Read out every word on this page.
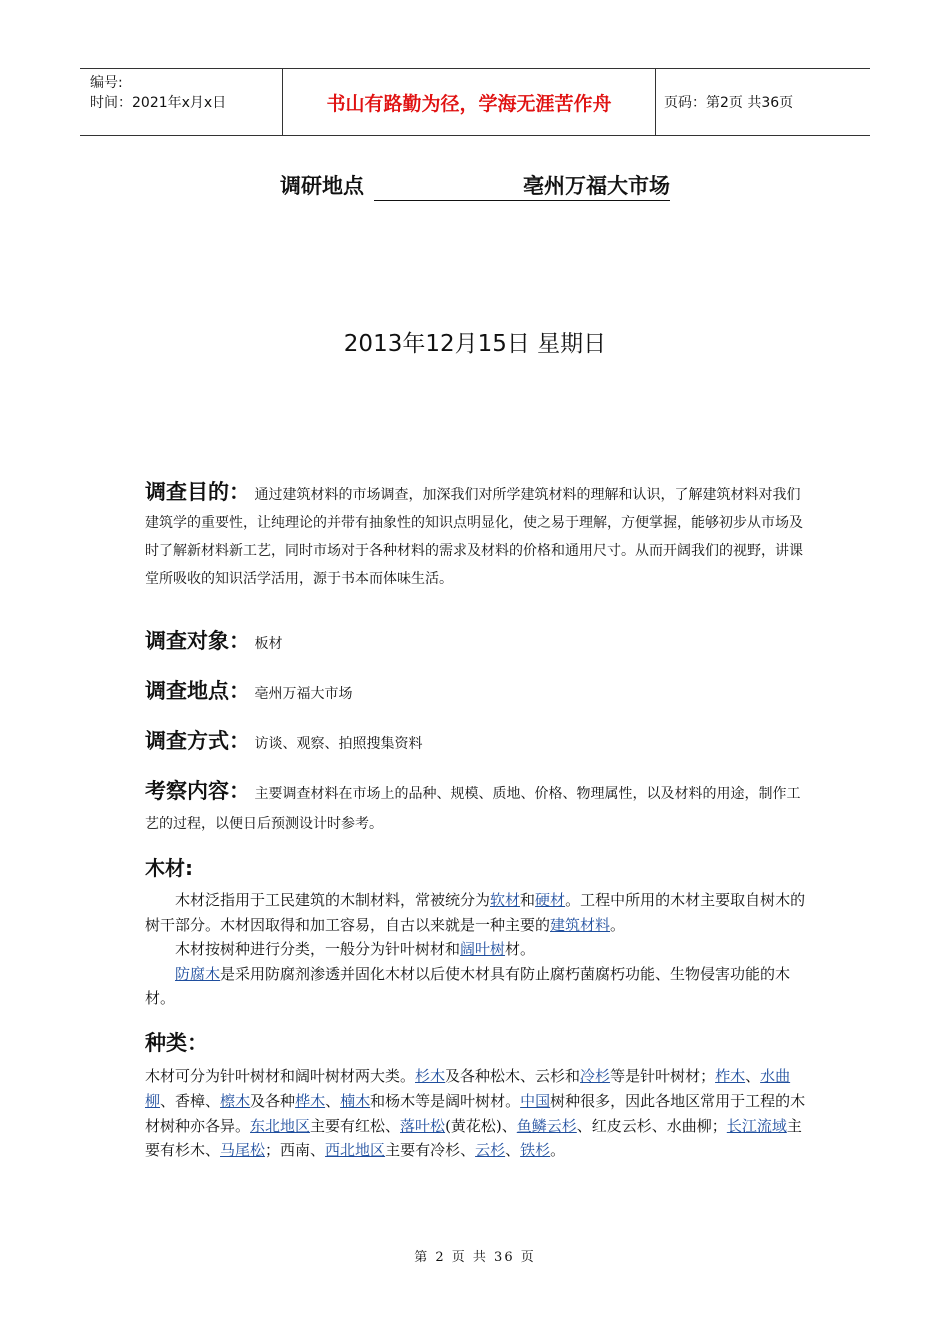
编号:
时间：2021年x月x日	书山有路勤为径，学海无涯苦作舟	页码：第2页 共36页
调研地点	亳州万福大市场
2013年12月15日 星期日
调查目的： 通过建筑材料的市场调查，加深我们对所学建筑材料的理解和认识，了解建筑材料对我们建筑学的重要性，让纯理论的并带有抽象性的知识点明显化，使之易于理解，方便掌握，能够初步从市场及时了解新材料新工艺，同时市场对于各种材料的需求及材料的价格和通用尺寸。从而开阔我们的视野，讲课堂所吸收的知识活学活用，源于书本而体味生活。
调查对象： 板材
调查地点： 亳州万福大市场
调查方式： 访谈、观察、拍照搜集资料
考察内容： 主要调查材料在市场上的品种、规模、质地、价格、物理属性，以及材料的用途，制作工艺的过程，以便日后预测设计时参考。
木材:

木材泛指用于工民建筑的木制材料，常被统分为软材和硬材。工程中所用的木材主要取自树木的树干部分。木材因取得和加工容易，自古以来就是一种主要的建筑材料。

木材按树种进行分类，一般分为针叶树材和阔叶树材。

防腐木是采用防腐剂渗透并固化木材以后使木材具有防止腐朽菌腐朽功能、生物侵害功能的木材。

种类：
木材可分为针叶树材和阔叶树材两大类。杉木及各种松木、云杉和冷杉等是针叶树材；柞木、水曲柳、香樟、檫木及各种桦木、楠木和杨木等是阔叶树材。中国树种很多，因此各地区常用于工程的木材树种亦各异。东北地区主要有红松、落叶松(黄花松)、鱼鳞云杉、红皮云杉、水曲柳；长江流域主要有杉木、马尾松；西南、西北地区主要有冷杉、云杉、铁杉。
第 2 页 共 36 页
